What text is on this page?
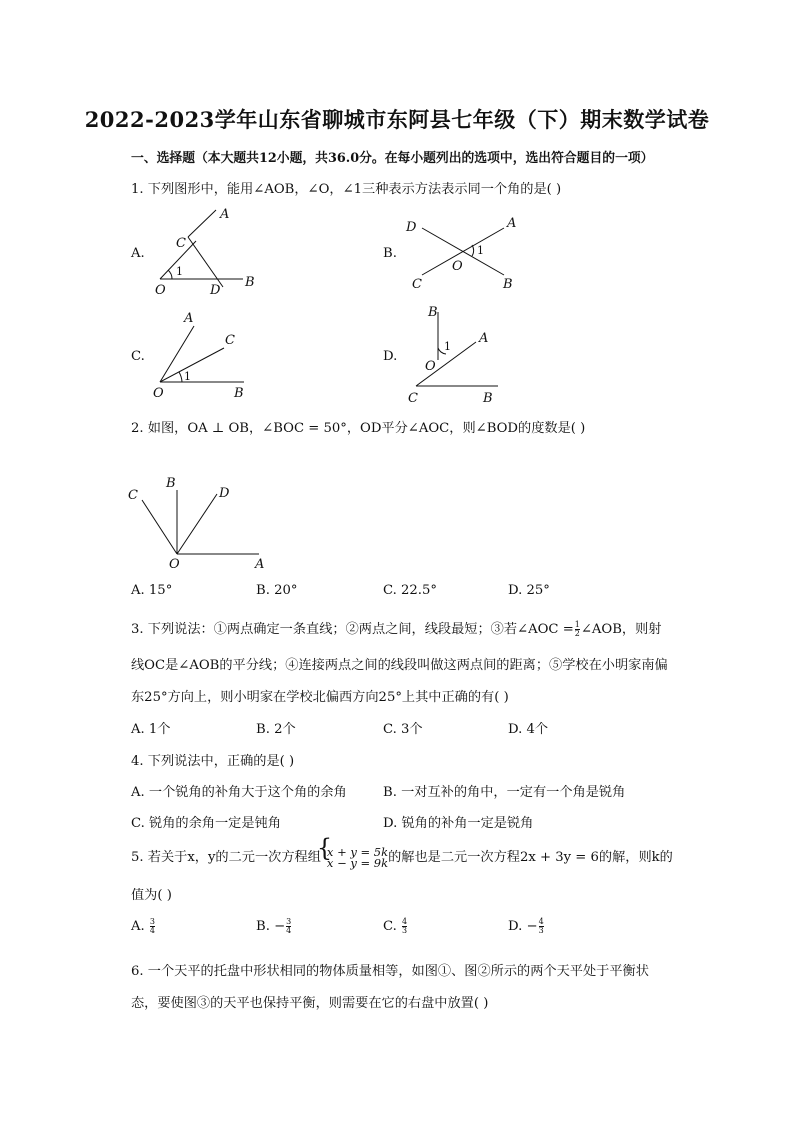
2022-2023学年山东省聊城市东阿县七年级（下）期末数学试卷
一、选择题（本大题共12小题，共36.0分。在每小题列出的选项中，选出符合题目的一项）
1. 下列图形中，能用∠AOB，∠O，∠1三种表示方法表示同一个角的是( )
A.
A
C
1
O	D
B
B.
D	A
1
O
C	B
C.
A
C
1
O	B
D.
B
A
1
O
C	B
2. 如图，OA ⊥ OB，∠BOC = 50°，OD平分∠AOC，则∠BOD的度数是( )
C
B
D
O	A
A. 15°	B. 20°	C. 22.5°	D. 25°
3. 下列说法：①两点确定一条直线；②两点之间，线段最短；③若∠AOC = $\frac{1}{2}$ ∠AOB，则射
线OC是∠AOB的平分线；④连接两点之间的线段叫做这两点间的距离；⑤学校在小明家南偏
东25°方向上，则小明家在学校北偏西方向25°上其中正确的有( )
A. 1个	B. 2个	C. 3个	D. 4个
4. 下列说法中，正确的是( )
A. 一个锐角的补角大于这个角的余角	B. 一对互补的角中，一定有一个角是锐角
C. 锐角的余角一定是钝角	D. 锐角的补角一定是锐角
5. 若关于x，y的二元一次方程组
{ x + y = 5k
x − y = 9k 的解也是二元一次方程2x + 3y = 6的解，则k的
值为( )
A. $\frac{3}{4}$	B. − $\frac{3}{4}$	C. $\frac{4}{3}$	D. − $\frac{4}{3}$
6. 一个天平的托盘中形状相同的物体质量相等，如图①、图②所示的两个天平处于平衡状
态，要使图③的天平也保持平衡，则需要在它的右盘中放置( )
